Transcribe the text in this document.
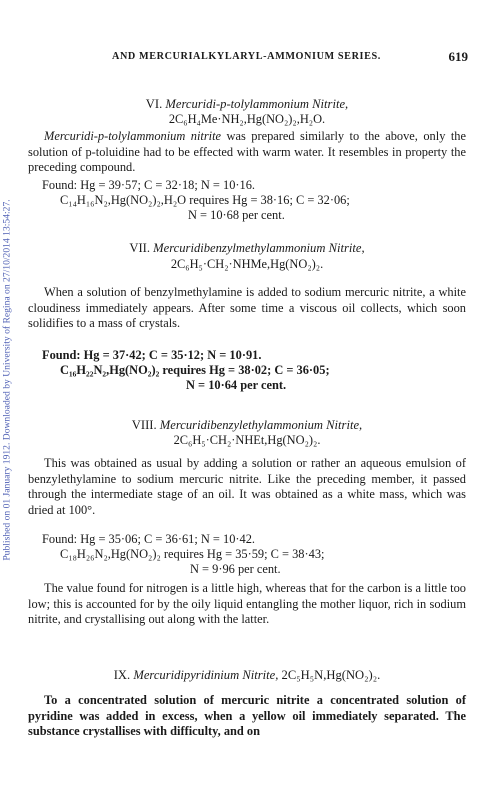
AND MERCURIALKYLARYL-AMMONIUM SERIES.	619
Published on 01 January 1912. Downloaded by University of Regina on 27/10/2014 13:54:27.
VI. Mercuridi-p-tolylammonium Nitrite,
2C₆H₄Me·NH₂,Hg(NO₂)₂,H₂O.
Mercuridi-p-tolylammonium nitrite was prepared similarly to the above, only the solution of p-toluidine had to be effected with warm water. It resembles in property the preceding compound.
Found: Hg = 39·57; C = 32·18; N = 10·16.
C₁₄H₁₆N₂,Hg(NO₂)₂,H₂O requires Hg = 38·16; C = 32·06;
N = 10·68 per cent.
VII. Mercuridibenzylmethylammonium Nitrite,
2C₆H₅·CH₂·NHMe,Hg(NO₂)₂.
When a solution of benzylmethylamine is added to sodium mercuric nitrite, a white cloudiness immediately appears. After some time a viscous oil collects, which soon solidifies to a mass of crystals.
Found: Hg = 37·42; C = 35·12; N = 10·91.
C₁₆H₂₂N₂,Hg(NO₂)₂ requires Hg = 38·02; C = 36·05;
N = 10·64 per cent.
VIII. Mercuridibenzylethylammonium Nitrite,
2C₆H₅·CH₂·NHEt,Hg(NO₂)₂.
This was obtained as usual by adding a solution or rather an aqueous emulsion of benzylethylamine to sodium mercuric nitrite. Like the preceding member, it passed through the intermediate stage of an oil. It was obtained as a white mass, which was dried at 100°.
Found: Hg = 35·06; C = 36·61; N = 10·42.
C₁₈H₂₆N₂,Hg(NO₂)₂ requires Hg = 35·59; C = 38·43;
N = 9·96 per cent.
The value found for nitrogen is a little high, whereas that for the carbon is a little too low; this is accounted for by the oily liquid entangling the mother liquor, rich in sodium nitrite, and crystallising out along with the latter.
IX. Mercuridipyridinium Nitrite, 2C₅H₅N,Hg(NO₂)₂.
To a concentrated solution of mercuric nitrite a concentrated solution of pyridine was added in excess, when a yellow oil immediately separated. The substance crystallises with difficulty, and on
